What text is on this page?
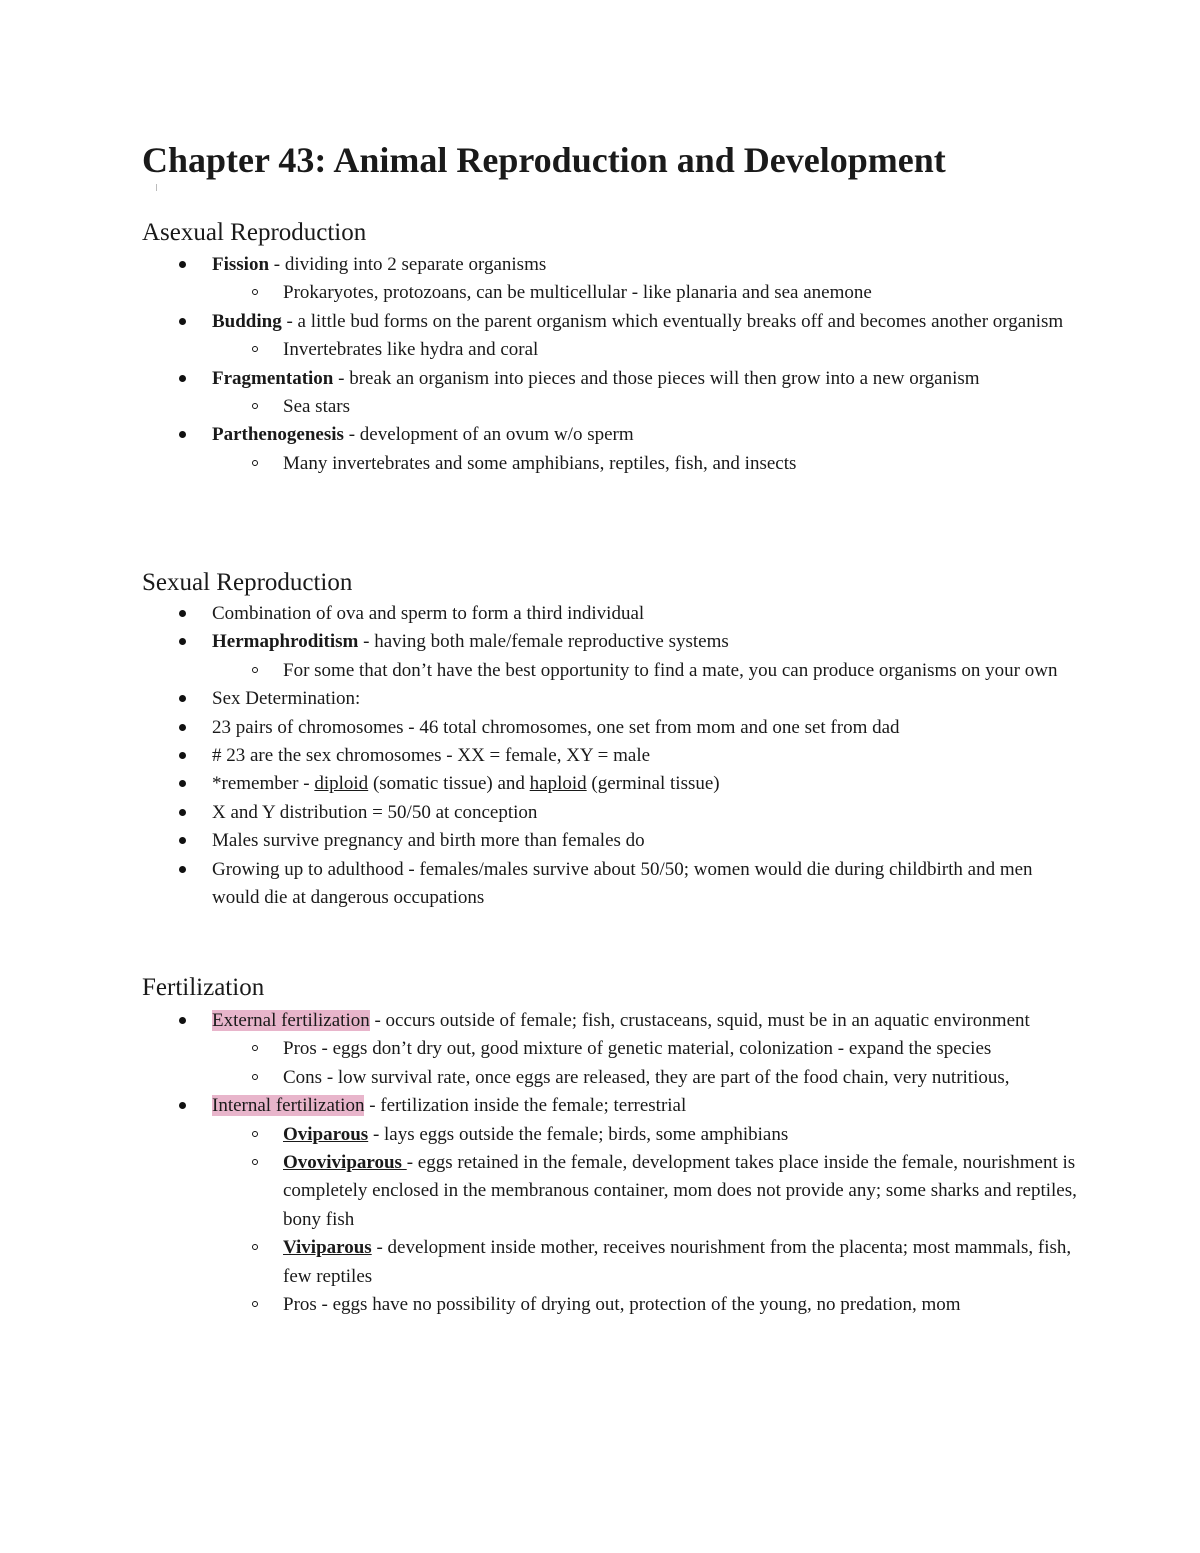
Chapter 43: Animal Reproduction and Development
Asexual Reproduction
Fission - dividing into 2 separate organisms
Prokaryotes, protozoans, can be multicellular - like planaria and sea anemone
Budding - a little bud forms on the parent organism which eventually breaks off and becomes another organism
Invertebrates like hydra and coral
Fragmentation - break an organism into pieces and those pieces will then grow into a new organism
Sea stars
Parthenogenesis - development of an ovum w/o sperm
Many invertebrates and some amphibians, reptiles, fish, and insects
Sexual Reproduction
Combination of ova and sperm to form a third individual
Hermaphroditism - having both male/female reproductive systems
For some that don’t have the best opportunity to find a mate, you can produce organisms on your own
Sex Determination:
23 pairs of chromosomes - 46 total chromosomes, one set from mom and one set from dad
# 23 are the sex chromosomes - XX = female, XY = male
*remember - diploid (somatic tissue) and haploid (germinal tissue)
X and Y distribution = 50/50 at conception
Males survive pregnancy and birth more than females do
Growing up to adulthood - females/males survive about 50/50; women would die during childbirth and men would die at dangerous occupations
Fertilization
External fertilization - occurs outside of female; fish, crustaceans, squid, must be in an aquatic environment
Pros - eggs don’t dry out, good mixture of genetic material, colonization - expand the species
Cons - low survival rate, once eggs are released, they are part of the food chain, very nutritious,
Internal fertilization - fertilization inside the female; terrestrial
Oviparous - lays eggs outside the female; birds, some amphibians
Ovoviviparous - eggs retained in the female, development takes place inside the female, nourishment is completely enclosed in the membranous container, mom does not provide any; some sharks and reptiles, bony fish
Viviparous - development inside mother, receives nourishment from the placenta; most mammals, fish, few reptiles
Pros - eggs have no possibility of drying out, protection of the young, no predation, mom
